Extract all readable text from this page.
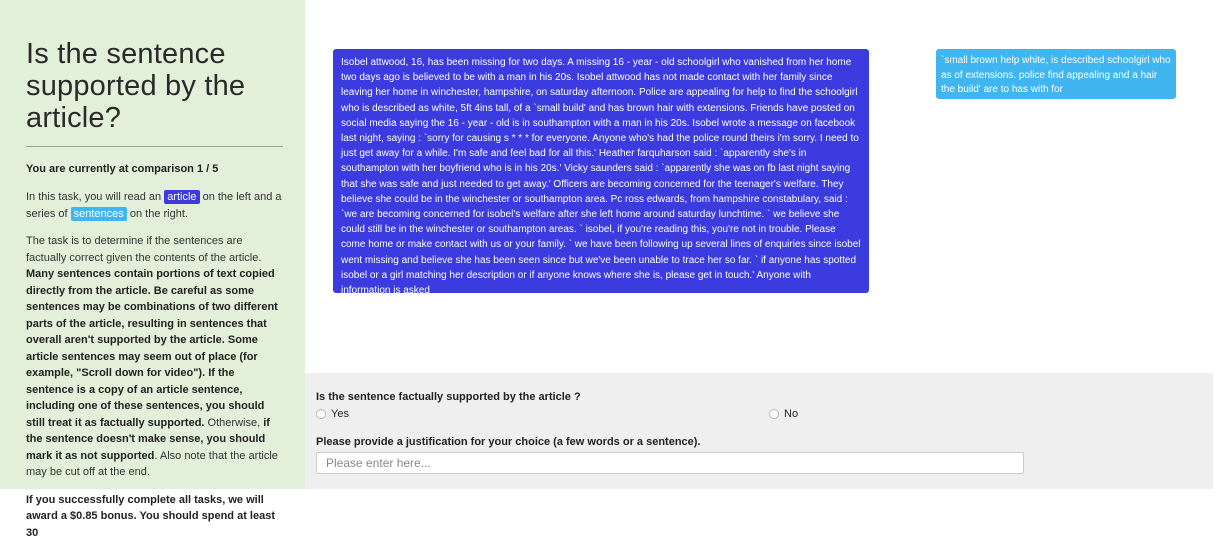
Is the sentence supported by the article?
You are currently at comparison 1 / 5

In this task, you will read an article on the left and a series of sentences on the right.

The task is to determine if the sentences are factually correct given the contents of the article. Many sentences contain portions of text copied directly from the article. Be careful as some sentences may be combinations of two different parts of the article, resulting in sentences that overall aren't supported by the article. Some article sentences may seem out of place (for example, "Scroll down for video"). If the sentence is a copy of an article sentence, including one of these sentences, you should still treat it as factually supported. Otherwise, if the sentence doesn't make sense, you should mark it as not supported. Also note that the article may be cut off at the end.

If you successfully complete all tasks, we will award a $0.85 bonus. You should spend at least 30

Isobel attwood, 16, has been missing for two days. A missing 16 - year - old schoolgirl who vanished from her home two days ago is believed to be with a man in his 20s. Isobel attwood has not made contact with her family since leaving her home in winchester, hampshire, on saturday afternoon. Police are appealing for help to find the schoolgirl who is described as white, 5ft 4ins tall, of a `small build' and has brown hair with extensions. Friends have posted on social media saying the 16 - year - old is in southampton with a man in his 20s. Isobel wrote a message on facebook last night, saying : `sorry for causing s * * * for everyone. Anyone who's had the police round theirs i'm sorry. I need to just get away for a while. I'm safe and feel bad for all this.' Heather farquharson said : `apparently she's in southampton with her boyfriend who is in his 20s.' Vicky saunders said : `apparently she was on fb last night saying that she was safe and just needed to get away.' Officers are becoming concerned for the teenager's welfare. They believe she could be in the winchester or southampton area. Pc ross edwards, from hampshire constabulary, said : `we are becoming concerned for isobel's welfare after she left home around saturday lunchtime. ` we believe she could still be in the winchester or southampton areas. ` isobel, if you're reading this, you're not in trouble. Please come home or make contact with us or your family. ` we have been following up several lines of enquiries since isobel went missing and believe she has been seen since but we've been unable to trace her so far. ` if anyone has spotted isobel or a girl matching her description or if anyone knows where she is, please get in touch.' Anyone with information is asked
`small brown help white, is described schoolgirl who as of extensions. police find appealing and a hair the build' are to has with for
Is the sentence factually supported by the article ?
Yes	No
Please provide a justification for your choice (a few words or a sentence).
Please enter here...
